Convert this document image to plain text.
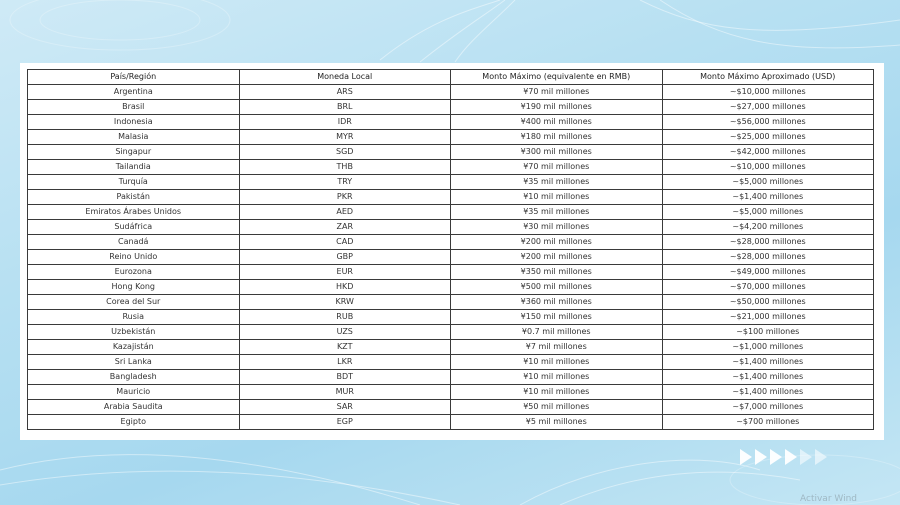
País/Región	Moneda Local	Monto Máximo (equivalente en RMB)	Monto Máximo Aproximado (USD)
Argentina	ARS	¥70 mil millones	~$10,000 millones
Brasil	BRL	¥190 mil millones	~$27,000 millones
Indonesia	IDR	¥400 mil millones	~$56,000 millones
Malasia	MYR	¥180 mil millones	~$25,000 millones
Singapur	SGD	¥300 mil millones	~$42,000 millones
Tailandia	THB	¥70 mil millones	~$10,000 millones
Turquía	TRY	¥35 mil millones	~$5,000 millones
Pakistán	PKR	¥10 mil millones	~$1,400 millones
Emiratos Árabes Unidos	AED	¥35 mil millones	~$5,000 millones
Sudáfrica	ZAR	¥30 mil millones	~$4,200 millones
Canadá	CAD	¥200 mil millones	~$28,000 millones
Reino Unido	GBP	¥200 mil millones	~$28,000 millones
Eurozona	EUR	¥350 mil millones	~$49,000 millones
Hong Kong	HKD	¥500 mil millones	~$70,000 millones
Corea del Sur	KRW	¥360 mil millones	~$50,000 millones
Rusia	RUB	¥150 mil millones	~$21,000 millones
Uzbekistán	UZS	¥0.7 mil millones	~$100 millones
Kazajistán	KZT	¥7 mil millones	~$1,000 millones
Sri Lanka	LKR	¥10 mil millones	~$1,400 millones
Bangladesh	BDT	¥10 mil millones	~$1,400 millones
Mauricio	MUR	¥10 mil millones	~$1,400 millones
Arabia Saudita	SAR	¥50 mil millones	~$7,000 millones
Egipto	EGP	¥5 mil millones	~$700 millones
Activar Wind
